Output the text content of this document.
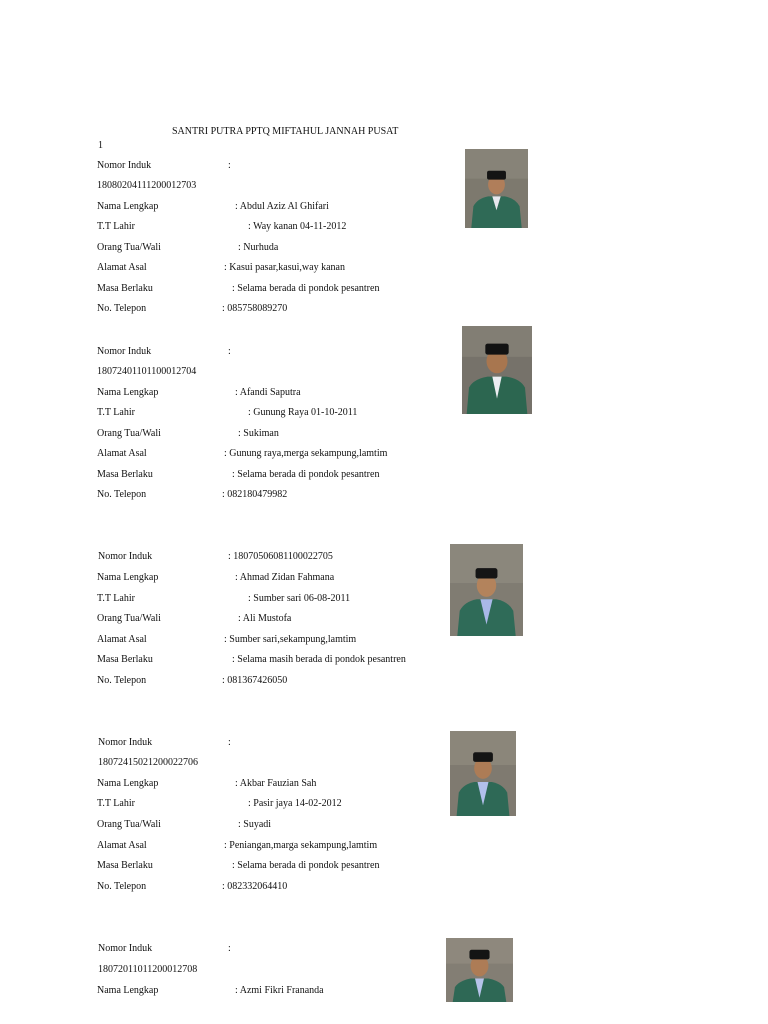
SANTRI PUTRA PPTQ MIFTAHUL JANNAH PUSAT
1
Nomor Induk	:
18080204111200012703
Nama Lengkap	: Abdul Aziz Al Ghifari
T.T Lahir	: Way kanan 04-11-2012
Orang Tua/Wali	: Nurhuda
Alamat Asal	: Kasui pasar,kasui,way kanan
Masa Berlaku	: Selama berada di pondok pesantren
No. Telepon	: 085758089270
Nomor Induk	:
18072401101100012704
Nama Lengkap	: Afandi Saputra
T.T Lahir	: Gunung Raya 01-10-2011
Orang Tua/Wali	: Sukiman
Alamat Asal	: Gunung raya,merga sekampung,lamtim
Masa Berlaku	: Selama berada di pondok pesantren
No. Telepon	: 082180479982
Nomor Induk	: 18070506081100022705
Nama Lengkap	: Ahmad Zidan Fahmana
T.T Lahir	: Sumber sari 06-08-2011
Orang Tua/Wali	: Ali Mustofa
Alamat Asal	: Sumber sari,sekampung,lamtim
Masa Berlaku	: Selama masih berada di pondok pesantren
No. Telepon	: 081367426050
Nomor Induk	:
18072415021200022706
Nama Lengkap	: Akbar Fauzian Sah
T.T Lahir	: Pasir jaya 14-02-2012
Orang Tua/Wali	: Suyadi
Alamat Asal	: Peniangan,marga sekampung,lamtim
Masa Berlaku	: Selama berada di pondok pesantren
No. Telepon	: 082332064410
Nomor Induk	:
18072011011200012708
Nama Lengkap	: Azmi Fikri Frananda
